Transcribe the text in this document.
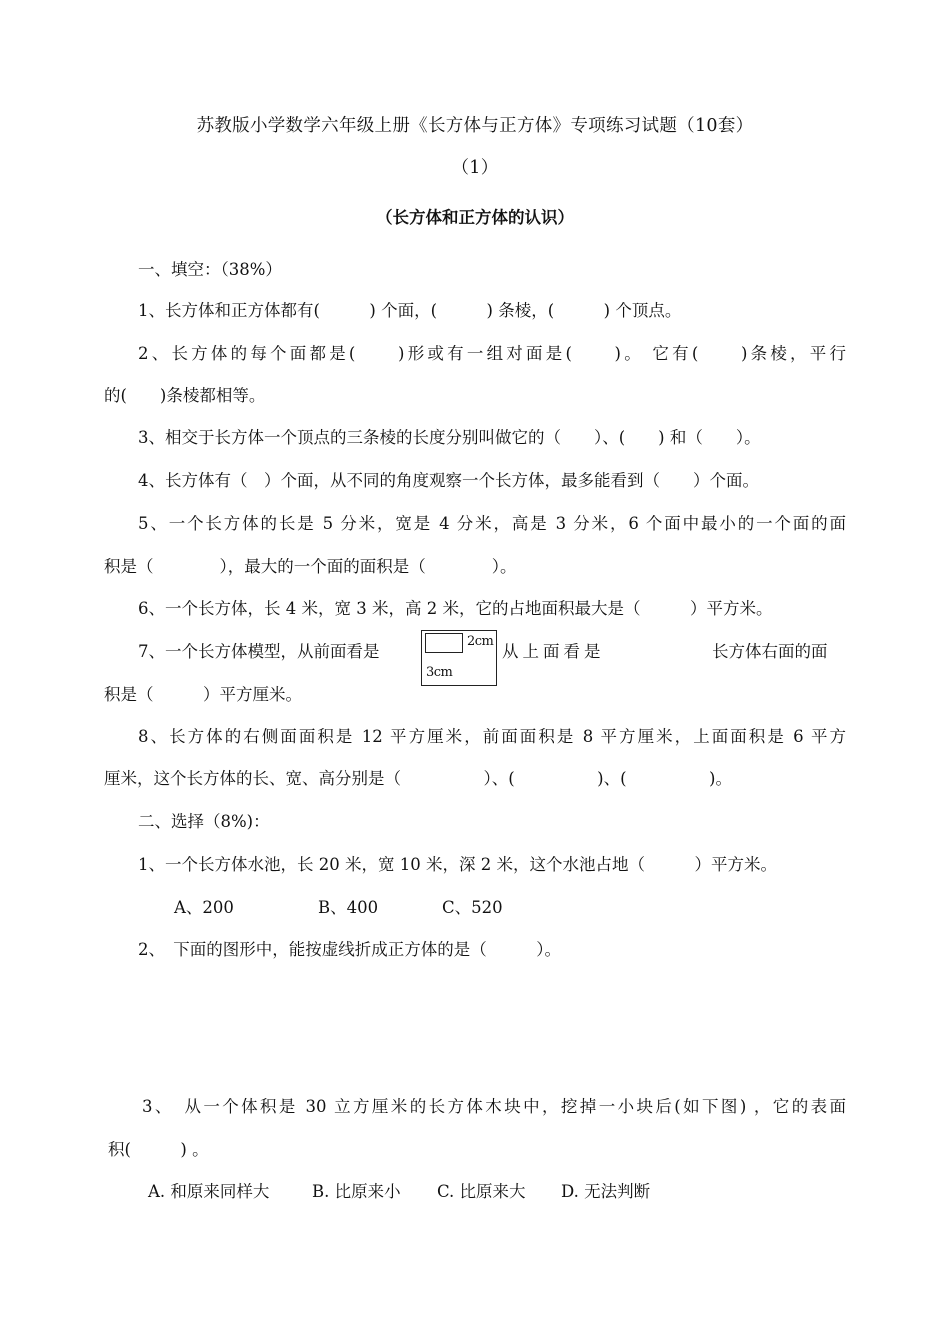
苏教版小学数学六年级上册《长方体与正方体》专项练习试题（10套）
（1）
（长方体和正方体的认识）
一、填空：（38%）
1、长方体和正方体都有(　　　) 个面，(　　　) 条棱，(　　　) 个顶点。
2、长方体的每个面都是(　　)形或有一组对面是(　　)。 它有(　　)条棱，平行
的(　　)条棱都相等。
3、相交于长方体一个顶点的三条棱的长度分别叫做它的（　　）、(　　) 和（　　）。
4、长方体有（　）个面，从不同的角度观察一个长方体，最多能看到（　　）个面。
5、一个长方体的长是 5 分米，宽是 4 分米，高是 3 分米，6 个面中最小的一个面的面
积是（　　　　），最大的一个面的面积是（　　　　）。
6、一个长方体，长 4 米，宽 3 米，高 2 米，它的占地面积最大是（　　　）平方米。
7、一个长方体模型，从前面看是
2cm
3cm
从上面看是	长方体右面的面
积是（　　　）平方厘米。
8、长方体的右侧面面积是 12 平方厘米，前面面积是 8 平方厘米，上面面积是 6 平方
厘米，这个长方体的长、宽、高分别是（　　　　　）、(　　　　　)、(　　　　　)。
二、选择（8%)：
1、一个长方体水池，长 20 米，宽 10 米，深 2 米，这个水池占地（　　　）平方米。
A、200	B、400	C、520
2、　下面的图形中，能按虚线折成正方体的是（　　　）。
3、　从一个体积是 30 立方厘米的长方体木块中，挖掉一小块后(如下图) ，它的表面
积(　　　) 。
A. 和原来同样大	B. 比原来小 C. 比原来大 D. 无法判断
